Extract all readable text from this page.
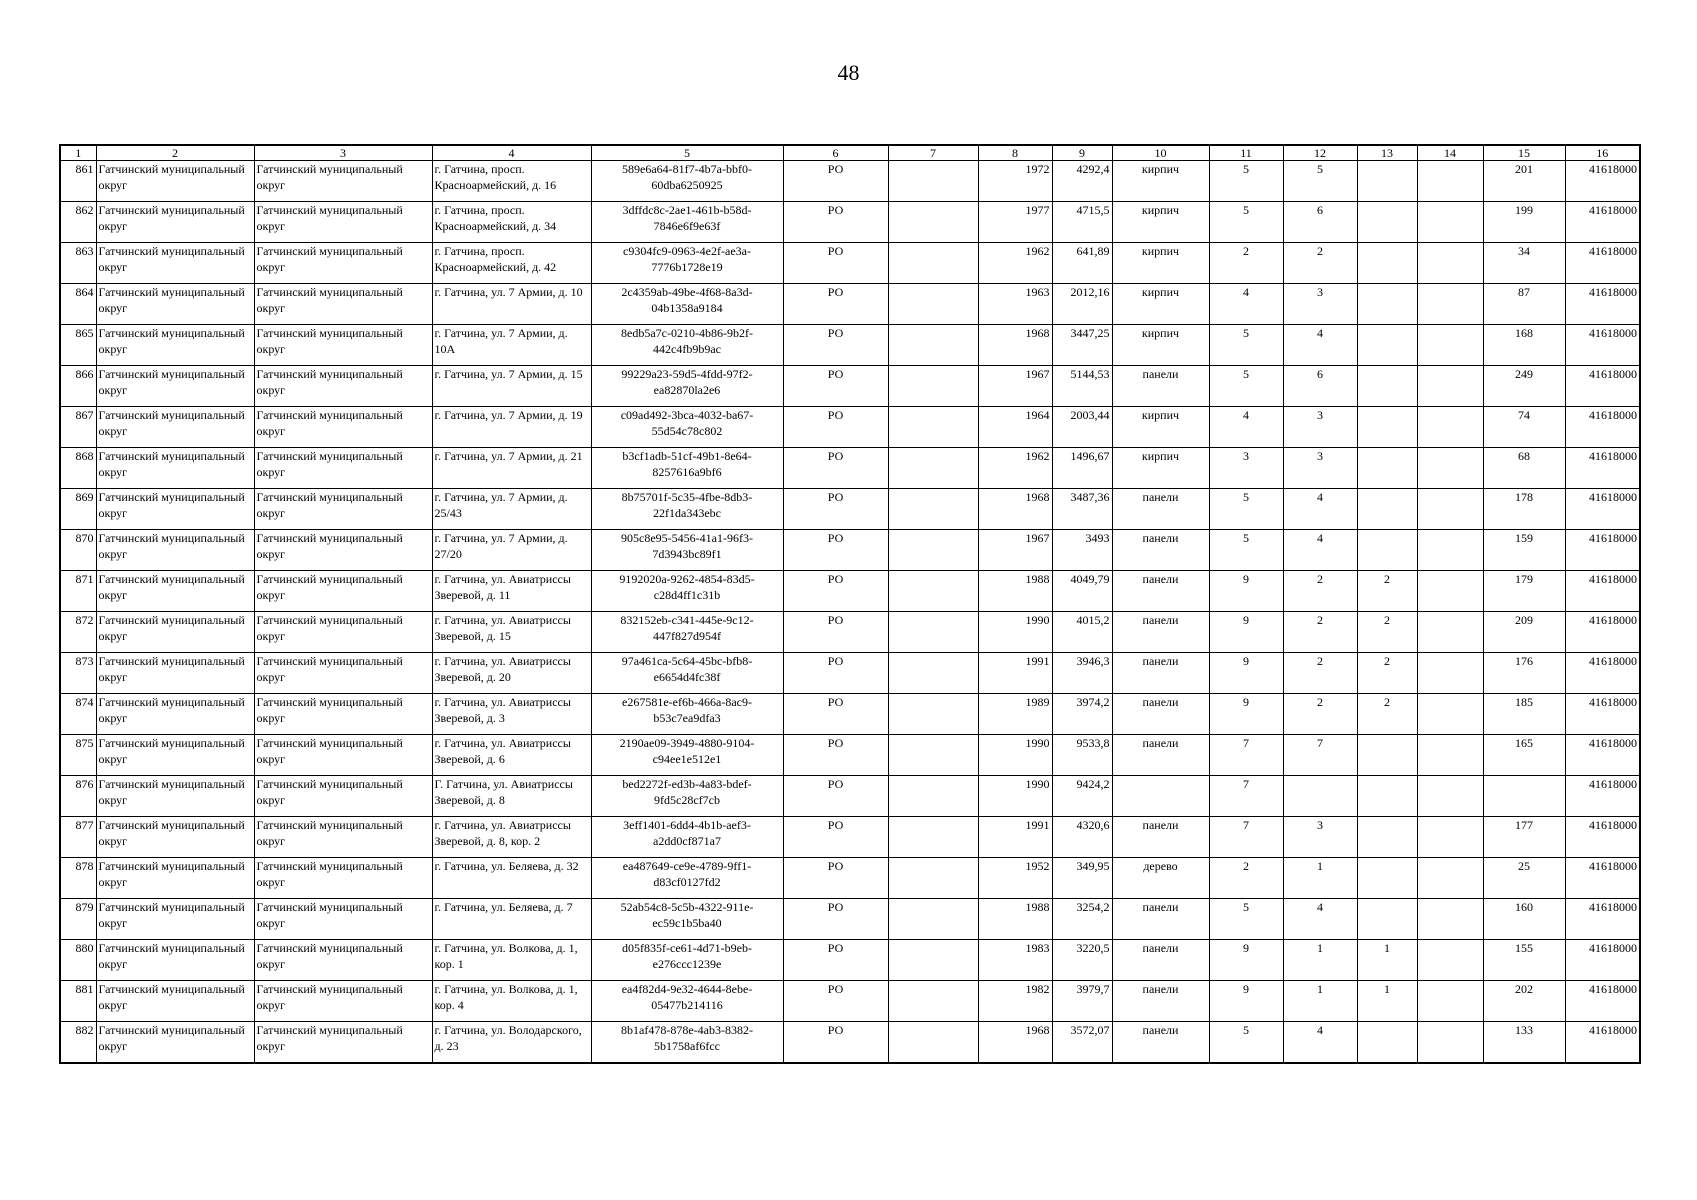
48
1	2	3	4	5	6	7	8	9	10	11	12	13	14	15	16
861	Гатчинский муниципальный округ	Гатчинский муниципальный округ	г. Гатчина, просп. Красноармейский, д. 16	589e6a64-81f7-4b7a-bbf0-60dba6250925	РО		1972	4292,4	кирпич	5	5			201	41618000
862	Гатчинский муниципальный округ	Гатчинский муниципальный округ	г. Гатчина, просп. Красноармейский, д. 34	3dffdc8c-2ae1-461b-b58d-7846e6f9e63f	РО		1977	4715,5	кирпич	5	6			199	41618000
863	Гатчинский муниципальный округ	Гатчинский муниципальный округ	г. Гатчина, просп. Красноармейский, д. 42	c9304fc9-0963-4e2f-ae3a-7776b1728e19	РО		1962	641,89	кирпич	2	2			34	41618000
864	Гатчинский муниципальный округ	Гатчинский муниципальный округ	г. Гатчина, ул. 7 Армии, д. 10	2c4359ab-49be-4f68-8a3d-04b1358a9184	РО		1963	2012,16	кирпич	4	3			87	41618000
865	Гатчинский муниципальный округ	Гатчинский муниципальный округ	г. Гатчина, ул. 7 Армии, д. 10А	8edb5a7c-0210-4b86-9b2f-442c4fb9b9ac	РО		1968	3447,25	кирпич	5	4			168	41618000
866	Гатчинский муниципальный округ	Гатчинский муниципальный округ	г. Гатчина, ул. 7 Армии, д. 15	99229a23-59d5-4fdd-97f2-ea82870la2e6	РО		1967	5144,53	панели	5	6			249	41618000
867	Гатчинский муниципальный округ	Гатчинский муниципальный округ	г. Гатчина, ул. 7 Армии, д. 19	c09ad492-3bca-4032-ba67-55d54c78c802	РО		1964	2003,44	кирпич	4	3			74	41618000
868	Гатчинский муниципальный округ	Гатчинский муниципальный округ	г. Гатчина, ул. 7 Армии, д. 21	b3cf1adb-51cf-49b1-8e64-8257616a9bf6	РО		1962	1496,67	кирпич	3	3			68	41618000
869	Гатчинский муниципальный округ	Гатчинский муниципальный округ	г. Гатчина, ул. 7 Армии, д. 25/43	8b75701f-5c35-4fbe-8db3-22f1da343ebc	РО		1968	3487,36	панели	5	4			178	41618000
870	Гатчинский муниципальный округ	Гатчинский муниципальный округ	г. Гатчина, ул. 7 Армии, д. 27/20	905c8e95-5456-41a1-96f3-7d3943bc89f1	РО		1967	3493	панели	5	4			159	41618000
871	Гатчинский муниципальный округ	Гатчинский муниципальный округ	г. Гатчина, ул. Авиатриссы Зверевой, д. 11	9192020a-9262-4854-83d5-c28d4ff1c31b	РО		1988	4049,79	панели	9	2	2		179	41618000
872	Гатчинский муниципальный округ	Гатчинский муниципальный округ	г. Гатчина, ул. Авиатриссы Зверевой, д. 15	832152eb-c341-445e-9c12-447f827d954f	РО		1990	4015,2	панели	9	2	2		209	41618000
873	Гатчинский муниципальный округ	Гатчинский муниципальный округ	г. Гатчина, ул. Авиатриссы Зверевой, д. 20	97a461ca-5c64-45bc-bfb8-e6654d4fc38f	РО		1991	3946,3	панели	9	2	2		176	41618000
874	Гатчинский муниципальный округ	Гатчинский муниципальный округ	г. Гатчина, ул. Авиатриссы Зверевой, д. 3	e267581e-ef6b-466a-8ac9-b53c7ea9dfa3	РО		1989	3974,2	панели	9	2	2		185	41618000
875	Гатчинский муниципальный округ	Гатчинский муниципальный округ	г. Гатчина, ул. Авиатриссы Зверевой, д. 6	2190ae09-3949-4880-9104-c94ee1e512e1	РО		1990	9533,8	панели	7	7			165	41618000
876	Гатчинский муниципальный округ	Гатчинский муниципальный округ	Г. Гатчина, ул. Авиатриссы Зверевой, д. 8	bed2272f-ed3b-4a83-bdef-9fd5c28cf7cb	РО		1990	9424,2		7					41618000
877	Гатчинский муниципальный округ	Гатчинский муниципальный округ	г. Гатчина, ул. Авиатриссы Зверевой, д. 8, кор. 2	3eff1401-6dd4-4b1b-aef3-a2dd0cf871a7	РО		1991	4320,6	панели	7	3			177	41618000
878	Гатчинский муниципальный округ	Гатчинский муниципальный округ	г. Гатчина, ул. Беляева, д. 32	ea487649-ce9e-4789-9ff1-d83cf0127fd2	РО		1952	349,95	дерево	2	1			25	41618000
879	Гатчинский муниципальный округ	Гатчинский муниципальный округ	г. Гатчина, ул. Беляева, д. 7	52ab54c8-5c5b-4322-911e-ec59c1b5ba40	РО		1988	3254,2	панели	5	4			160	41618000
880	Гатчинский муниципальный округ	Гатчинский муниципальный округ	г. Гатчина, ул. Волкова, д. 1, кор. 1	d05f835f-ce61-4d71-b9eb-e276ccc1239e	РО		1983	3220,5	панели	9	1	1		155	41618000
881	Гатчинский муниципальный округ	Гатчинский муниципальный округ	г. Гатчина, ул. Волкова, д. 1, кор. 4	ea4f82d4-9e32-4644-8ebe-05477b214116	РО		1982	3979,7	панели	9	1	1		202	41618000
882	Гатчинский муниципальный округ	Гатчинский муниципальный округ	г. Гатчина, ул. Володарского, д. 23	8b1af478-878e-4ab3-8382-5b1758af6fcc	РО		1968	3572,07	панели	5	4			133	41618000
